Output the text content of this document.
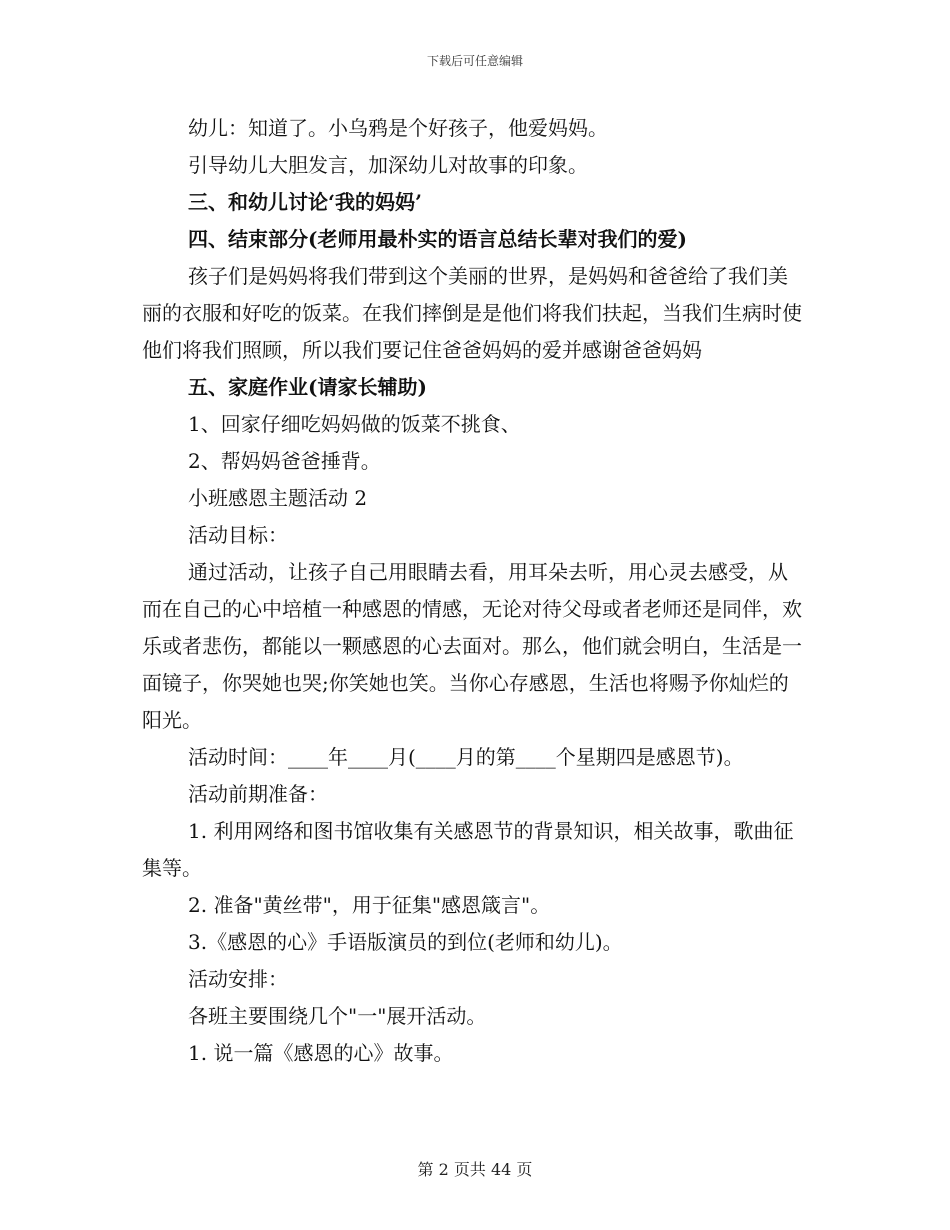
下载后可任意编辑

幼儿：知道了。小乌鸦是个好孩子，他爱妈妈。

引导幼儿大胆发言，加深幼儿对故事的印象。

三、和幼儿讨论‘我的妈妈’

四、结束部分(老师用最朴实的语言总结长辈对我们的爱)

孩子们是妈妈将我们带到这个美丽的世界，是妈妈和爸爸给了我们美丽的衣服和好吃的饭菜。在我们摔倒是是他们将我们扶起，当我们生病时使他们将我们照顾，所以我们要记住爸爸妈妈的爱并感谢爸爸妈妈

五、家庭作业(请家长辅助)

1、回家仔细吃妈妈做的饭菜不挑食、

2、帮妈妈爸爸捶背。

小班感恩主题活动 2

活动目标：

通过活动，让孩子自己用眼睛去看，用耳朵去听，用心灵去感受，从而在自己的心中培植一种感恩的情感，无论对待父母或者老师还是同伴，欢乐或者悲伤，都能以一颗感恩的心去面对。那么，他们就会明白，生活是一面镜子，你哭她也哭;你笑她也笑。当你心存感恩，生活也将赐予你灿烂的阳光。

活动时间：____年____月(____月的第____个星期四是感恩节)。

活动前期准备：

1. 利用网络和图书馆收集有关感恩节的背景知识，相关故事，歌曲征集等。

2. 准备"黄丝带"，用于征集"感恩箴言"。

3.《感恩的心》手语版演员的到位(老师和幼儿)。

活动安排：

各班主要围绕几个"一"展开活动。

1. 说一篇《感恩的心》故事。

第 2 页共 44 页
